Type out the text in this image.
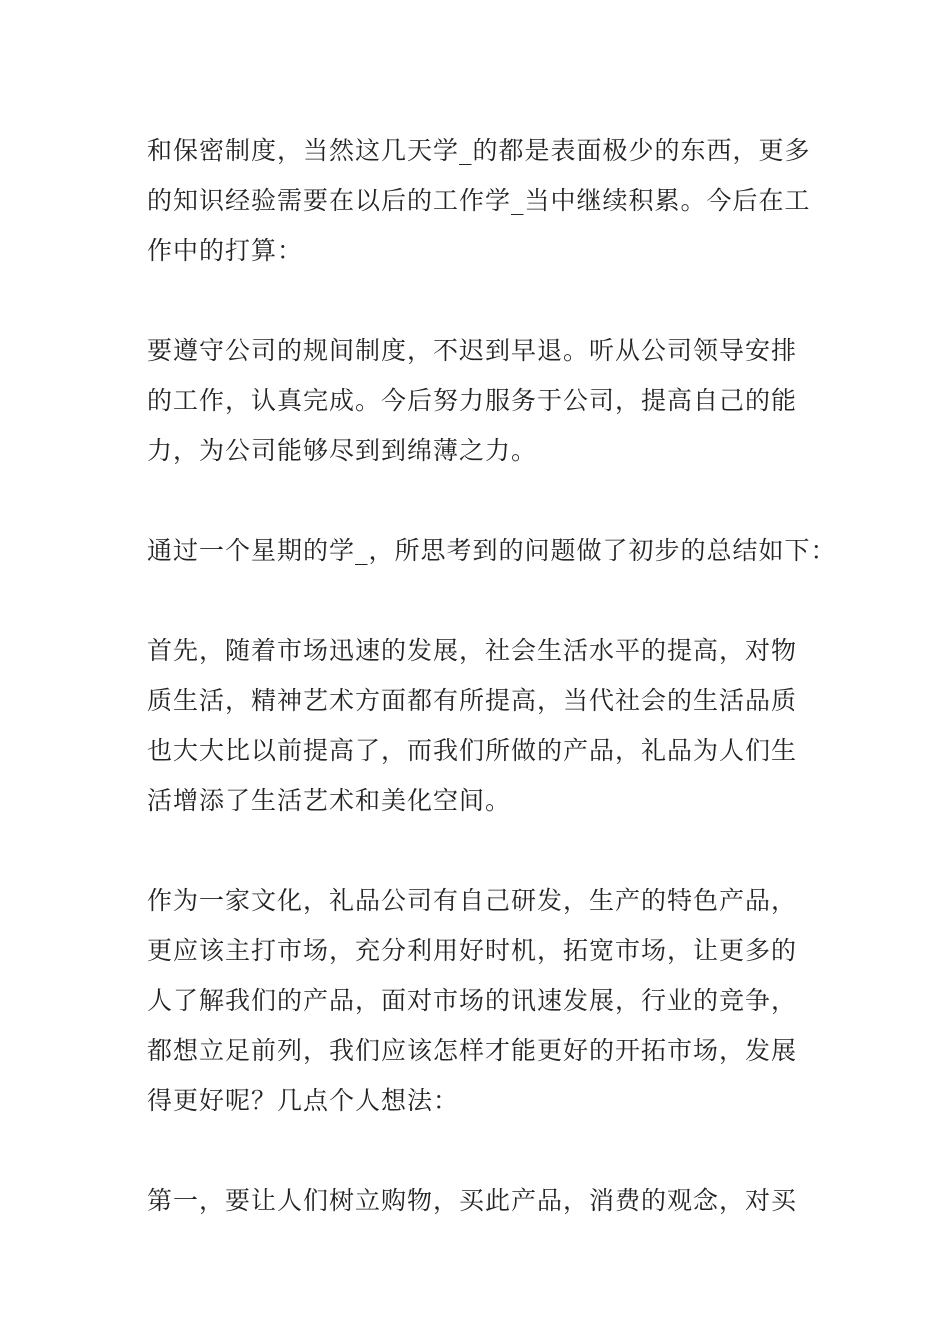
和保密制度，当然这几天学_的都是表面极少的东西，更多
的知识经验需要在以后的工作学_当中继续积累。今后在工
作中的打算：
要遵守公司的规间制度，不迟到早退。听从公司领导安排
的工作，认真完成。今后努力服务于公司，提高自己的能
力，为公司能够尽到到绵薄之力。
通过一个星期的学_，所思考到的问题做了初步的总结如下：
首先，随着市场迅速的发展，社会生活水平的提高，对物
质生活，精神艺术方面都有所提高，当代社会的生活品质
也大大比以前提高了，而我们所做的产品，礼品为人们生
活增添了生活艺术和美化空间。
作为一家文化，礼品公司有自己研发，生产的特色产品，
更应该主打市场，充分利用好时机，拓宽市场，让更多的
人了解我们的产品，面对市场的讯速发展，行业的竞争，
都想立足前列，我们应该怎样才能更好的开拓市场，发展
得更好呢？几点个人想法：
第一，要让人们树立购物，买此产品，消费的观念，对买
